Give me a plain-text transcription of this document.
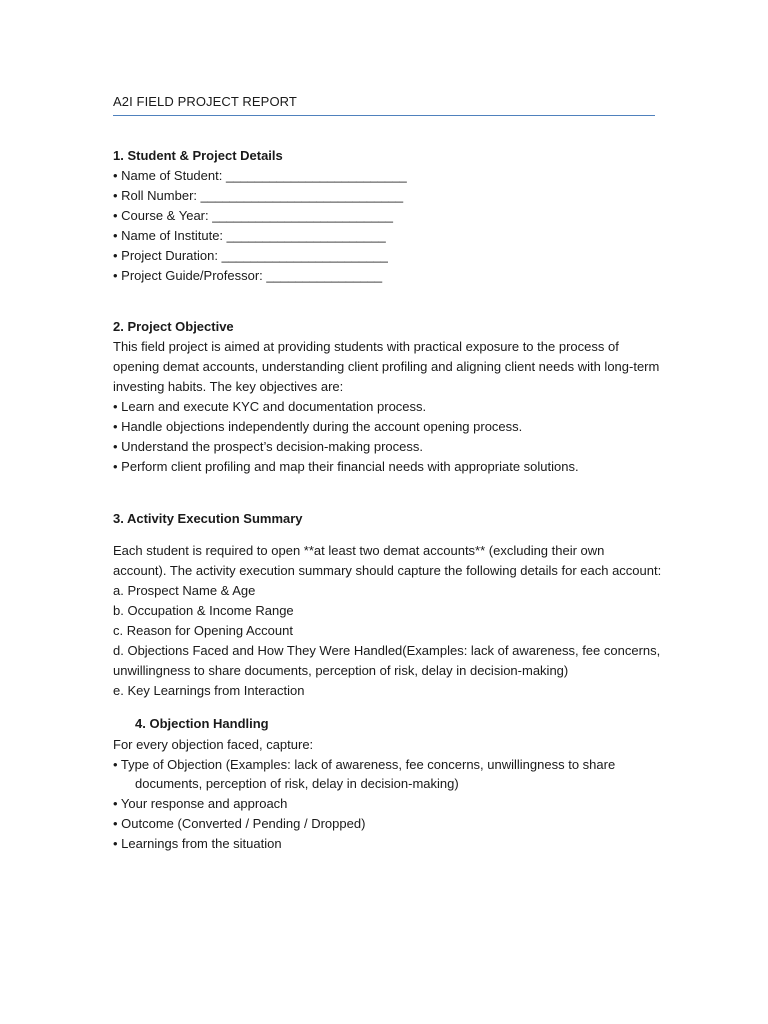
A2I FIELD PROJECT REPORT
1. Student & Project Details
• Name of Student: _________________________
• Roll Number: ____________________________
• Course & Year: _________________________
• Name of Institute: ______________________
• Project Duration: _______________________
• Project Guide/Professor: ________________
2. Project Objective
This field project is aimed at providing students with practical exposure to the process of
opening demat accounts, understanding client profiling and aligning client needs with long-term
investing habits. The key objectives are:
• Learn and execute KYC and documentation process.
• Handle objections independently during the account opening process.
• Understand the prospect’s decision-making process.
• Perform client profiling and map their financial needs with appropriate solutions.
3. Activity Execution Summary
Each student is required to open **at least two demat accounts** (excluding their own
account). The activity execution summary should capture the following details for each account:
a. Prospect Name & Age
b. Occupation & Income Range
c. Reason for Opening Account
d. Objections Faced and How They Were Handled(Examples: lack of awareness, fee concerns,
unwillingness to share documents, perception of risk, delay in decision-making)
e. Key Learnings from Interaction
4. Objection Handling
For every objection faced, capture:
• Type of Objection (Examples: lack of awareness, fee concerns, unwillingness to share
documents, perception of risk, delay in decision-making)
• Your response and approach
• Outcome (Converted / Pending / Dropped)
• Learnings from the situation
